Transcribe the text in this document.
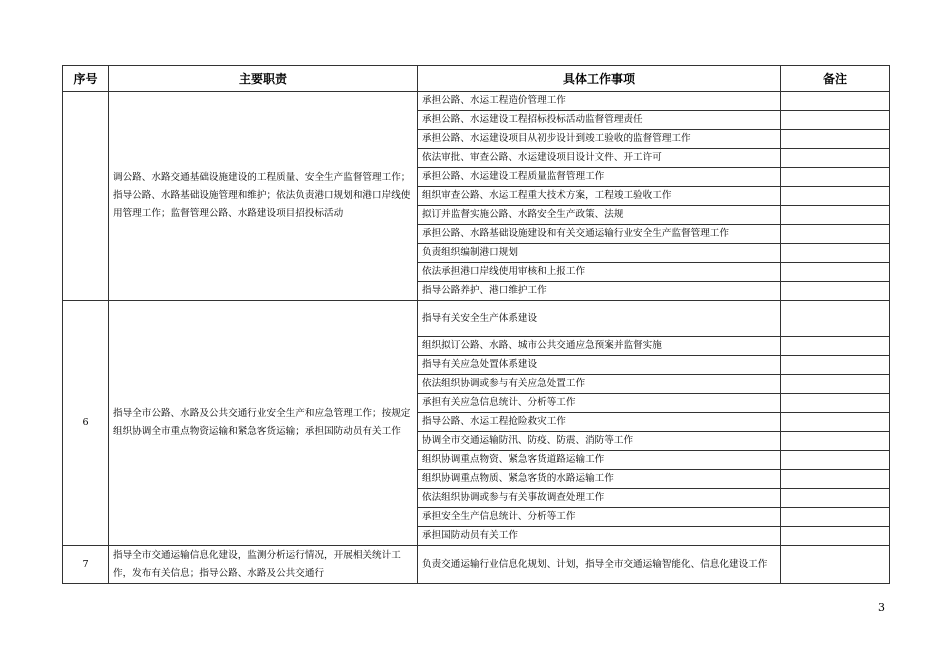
序号	主要职责	具体工作事项	备注
	调公路、水路交通基础设施建设的工程质量、安全生产监督管理工作；指导公路、水路基础设施管理和维护；依法负责港口规划和港口岸线使用管理工作；监督管理公路、水路建设项目招投标活动	承担公路、水运工程造价管理工作	
		承担公路、水运建设工程招标投标活动监督管理责任	
		承担公路、水运建设项目从初步设计到竣工验收的监督管理工作	
		依法审批、审查公路、水运建设项目设计文件、开工许可	
		承担公路、水运建设工程质量监督管理工作	
		组织审查公路、水运工程重大技术方案，工程竣工验收工作	
		拟订并监督实施公路、水路安全生产政策、法规	
		承担公路、水路基础设施建设和有关交通运输行业安全生产监督管理工作	
		负责组织编制港口规划	
		依法承担港口岸线使用审核和上报工作	
		指导公路养护、港口维护工作	
6	指导全市公路、水路及公共交通行业安全生产和应急管理工作；按规定组织协调全市重点物资运输和紧急客货运输；承担国防动员有关工作	指导有关安全生产体系建设	
		组织拟订公路、水路、城市公共交通应急预案并监督实施	
		指导有关应急处置体系建设	
		依法组织协调或参与有关应急处置工作	
		承担有关应急信息统计、分析等工作	
		指导公路、水运工程抢险救灾工作	
		协调全市交通运输防汛、防疫、防震、消防等工作	
		组织协调重点物资、紧急客货道路运输工作	
		组织协调重点物质、紧急客货的水路运输工作	
		依法组织协调或参与有关事故调查处理工作	
		承担安全生产信息统计、分析等工作	
		承担国防动员有关工作	
7	指导全市交通运输信息化建设，监测分析运行情况，开展相关统计工作，发布有关信息；指导公路、水路及公共交通行	负责交通运输行业信息化规划、计划，指导全市交通运输智能化、信息化建设工作	
3
